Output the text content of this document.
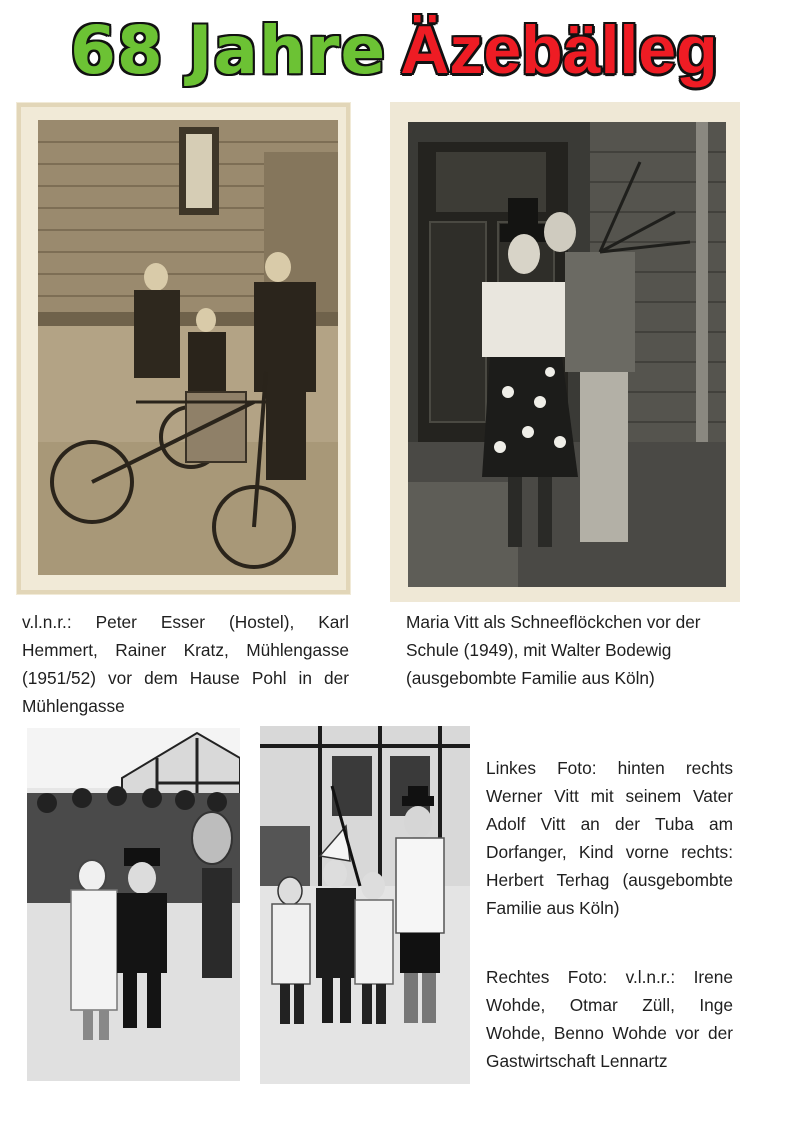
68 Jahre Äzebälleg
v.l.n.r.: Peter Esser (Hostel), Karl Hemmert, Rainer Kratz, Mühlengasse (1951/52) vor dem Hause Pohl in der Mühlengasse
Maria Vitt als Schneeflöckchen vor der Schule (1949), mit Walter Bodewig (ausgebombte Familie aus Köln)
Linkes Foto: hinten rechts Werner Vitt mit seinem Vater Adolf Vitt an der Tuba am Dorfanger, Kind vorne rechts: Herbert Terhag (ausgebombte Familie aus Köln)
Rechtes Foto: v.l.n.r.: Irene Wohde, Otmar Züll, Inge Wohde, Benno Wohde vor der Gastwirtschaft Lennartz
